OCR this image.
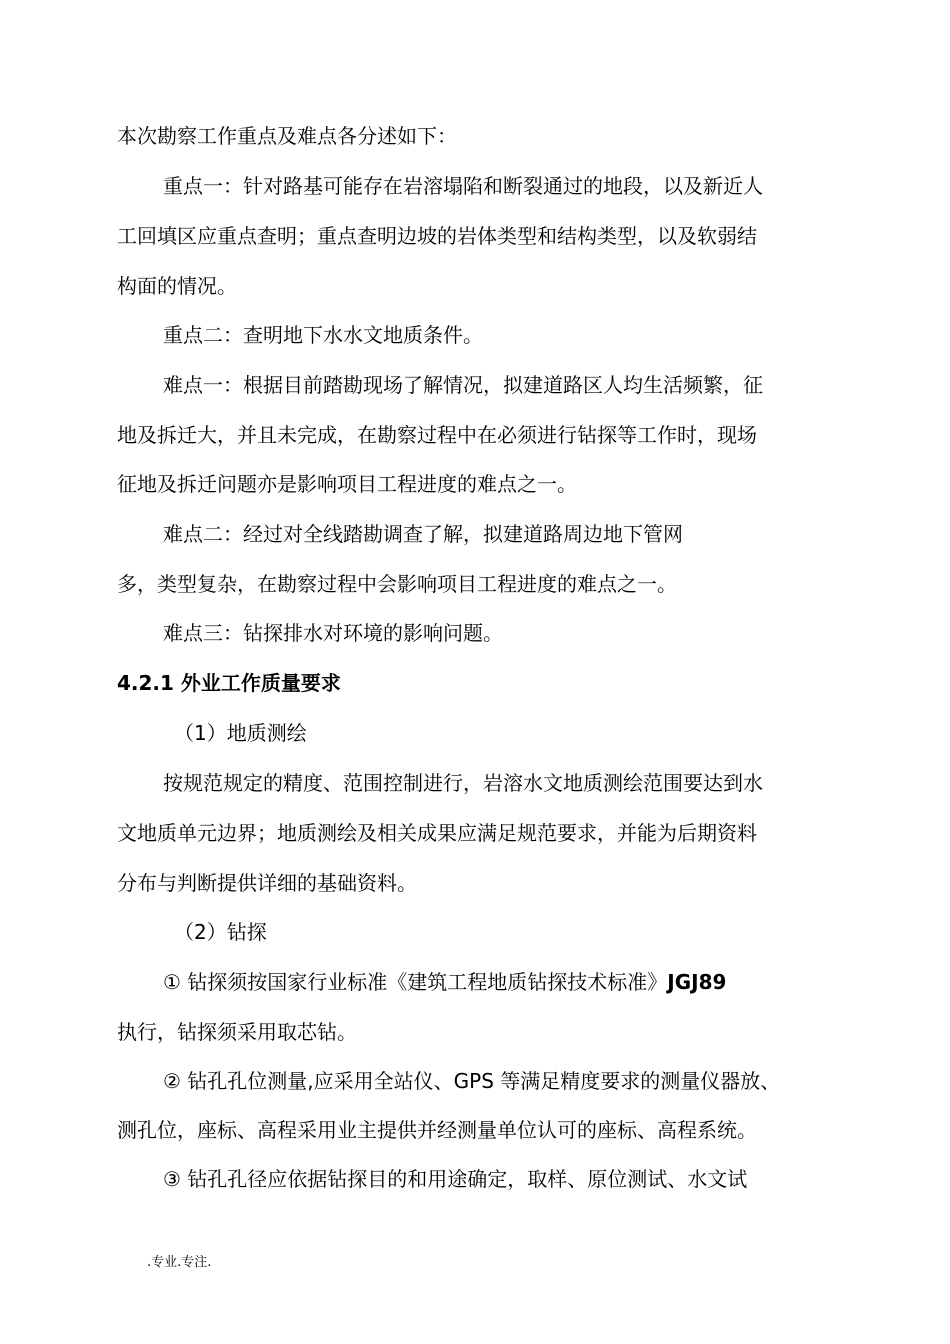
本次勘察工作重点及难点各分述如下：
重点一：针对路基可能存在岩溶塌陷和断裂通过的地段，以及新近人
工回填区应重点查明；重点查明边坡的岩体类型和结构类型，以及软弱结
构面的情况。
重点二：查明地下水水文地质条件。
难点一：根据目前踏勘现场了解情况，拟建道路区人均生活频繁，征
地及拆迁大，并且未完成，在勘察过程中在必须进行钻探等工作时，现场
征地及拆迁问题亦是影响项目工程进度的难点之一。
难点二：经过对全线踏勘调查了解，拟建道路周边地下管网
多，类型复杂，在勘察过程中会影响项目工程进度的难点之一。
难点三：钻探排水对环境的影响问题。
4.2.1 外业工作质量要求
（1）地质测绘
按规范规定的精度、范围控制进行，岩溶水文地质测绘范围要达到水
文地质单元边界；地质测绘及相关成果应满足规范要求，并能为后期资料
分布与判断提供详细的基础资料。
（2）钻探
① 钻探须按国家行业标准《建筑工程地质钻探技术标准》JGJ89
执行，钻探须采用取芯钻。
② 钻孔孔位测量,应采用全站仪、GPS 等满足精度要求的测量仪器放、
测孔位，座标、高程采用业主提供并经测量单位认可的座标、高程系统。
③ 钻孔孔径应依据钻探目的和用途确定，取样、原位测试、水文试
.专业.专注.
